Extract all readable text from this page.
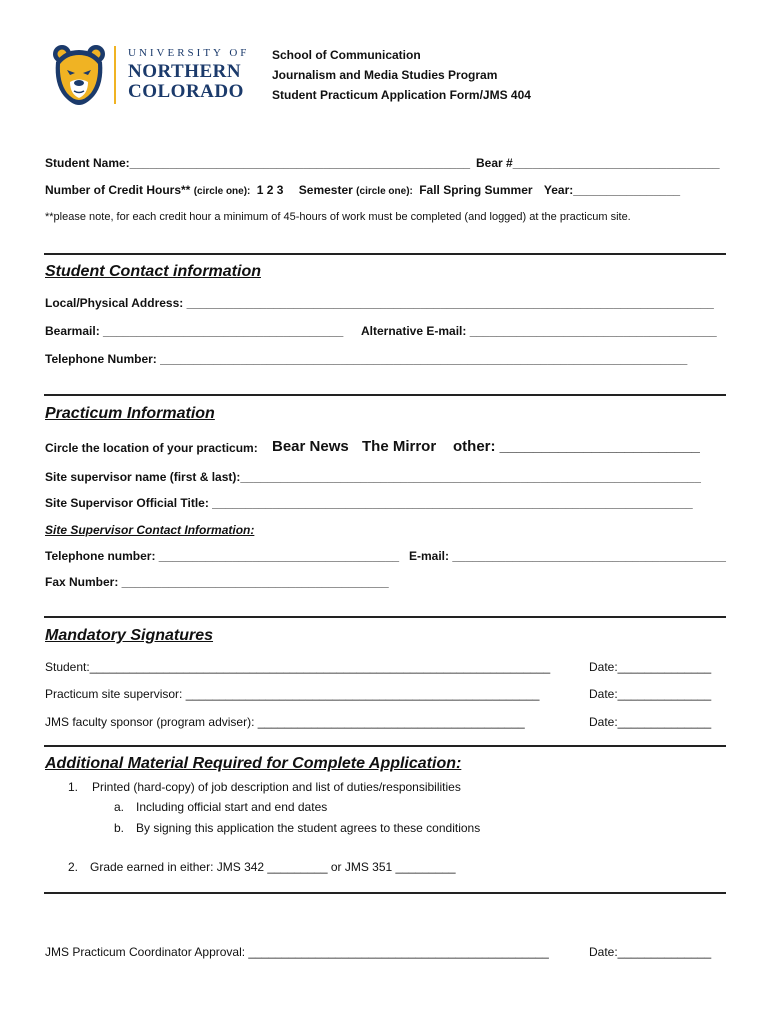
UNIVERSITY OF
NORTHERN
COLORADO
School of Communication
Journalism and Media Studies Program
Student Practicum Application Form/JMS 404
Student Name:___________________________________________________ Bear #_______________________________
Number of Credit Hours** (circle one): 1 2 3 Semester (circle one): Fall Spring Summer Year:________________
**please note, for each credit hour a minimum of 45-hours of work must be completed (and logged) at the practicum site.
Student Contact information
Local/Physical Address: _______________________________________________________________________________
Bearmail: ____________________________________ Alternative E-mail: _____________________________________
Telephone Number: _______________________________________________________________________________
Practicum Information
Circle the location of your practicum: Bear News The Mirror other: ________________________
Site supervisor name (first & last):_____________________________________________________________________
Site Supervisor Official Title: ________________________________________________________________________
Site Supervisor Contact Information:
Telephone number: ____________________________________ E-mail: _________________________________________
Fax Number: ________________________________________
Mandatory Signatures
Student:_____________________________________________________________________	Date:______________
Practicum site supervisor: _____________________________________________________	Date:______________
JMS faculty sponsor (program adviser): ________________________________________	Date:______________
Additional Material Required for Complete Application:
1. Printed (hard-copy) of job description and list of duties/responsibilities
a. Including official start and end dates
b. By signing this application the student agrees to these conditions
2. Grade earned in either: JMS 342 _________ or JMS 351 _________
JMS Practicum Coordinator Approval: _____________________________________________	Date:______________
